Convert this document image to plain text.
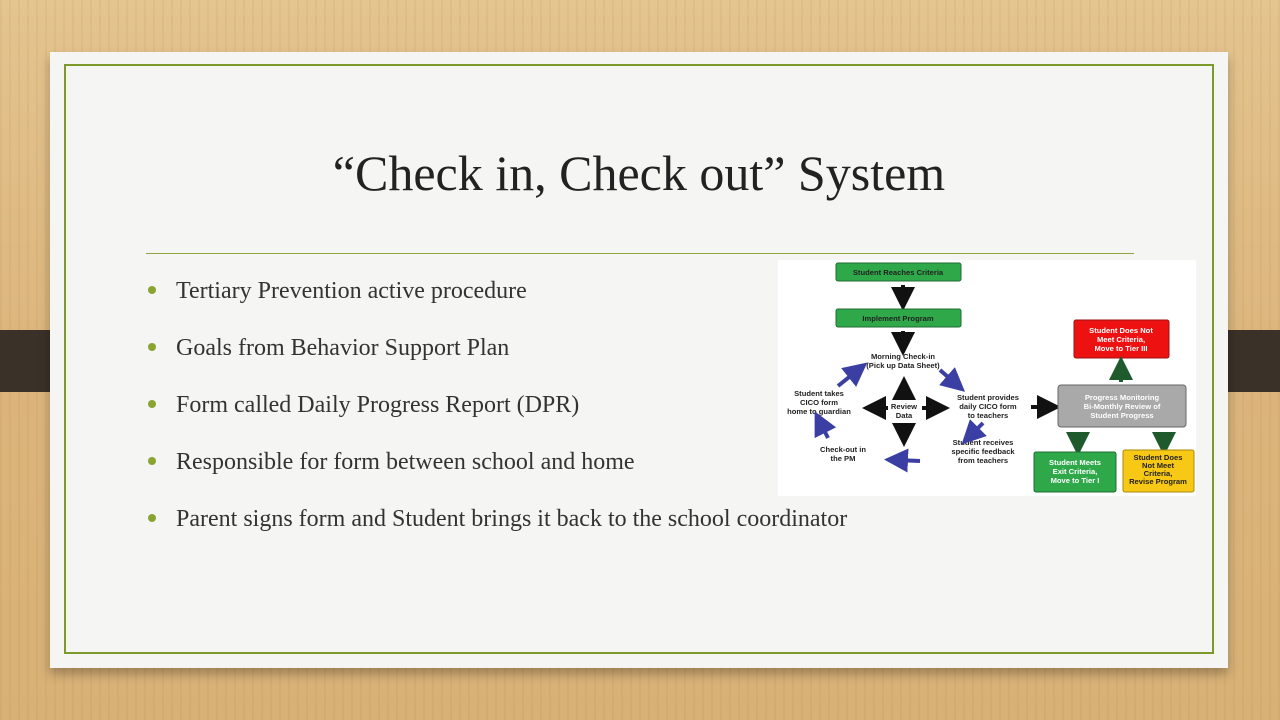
“Check in, Check out” System
Tertiary Prevention active procedure
Goals from Behavior Support Plan
Form called Daily Progress Report (DPR)
Responsible for form between school and home
Parent signs form and Student brings it back to the school coordinator
Student Reaches Criteria
Implement Program
Morning Check-in
(Pick up Data Sheet)
Student takes
CICO form
home to guardian
Review
Data
Student provides
daily CICO form
to teachers
Check-out in
the PM
Student receives
specific feedback
from teachers
Student Does Not
Meet Criteria,
Move to Tier III
Progress Monitoring
Bi-Monthly Review of
Student Progress
Student Meets
Exit Criteria,
Move to Tier I
Student Does
Not Meet
Criteria,
Revise Program
